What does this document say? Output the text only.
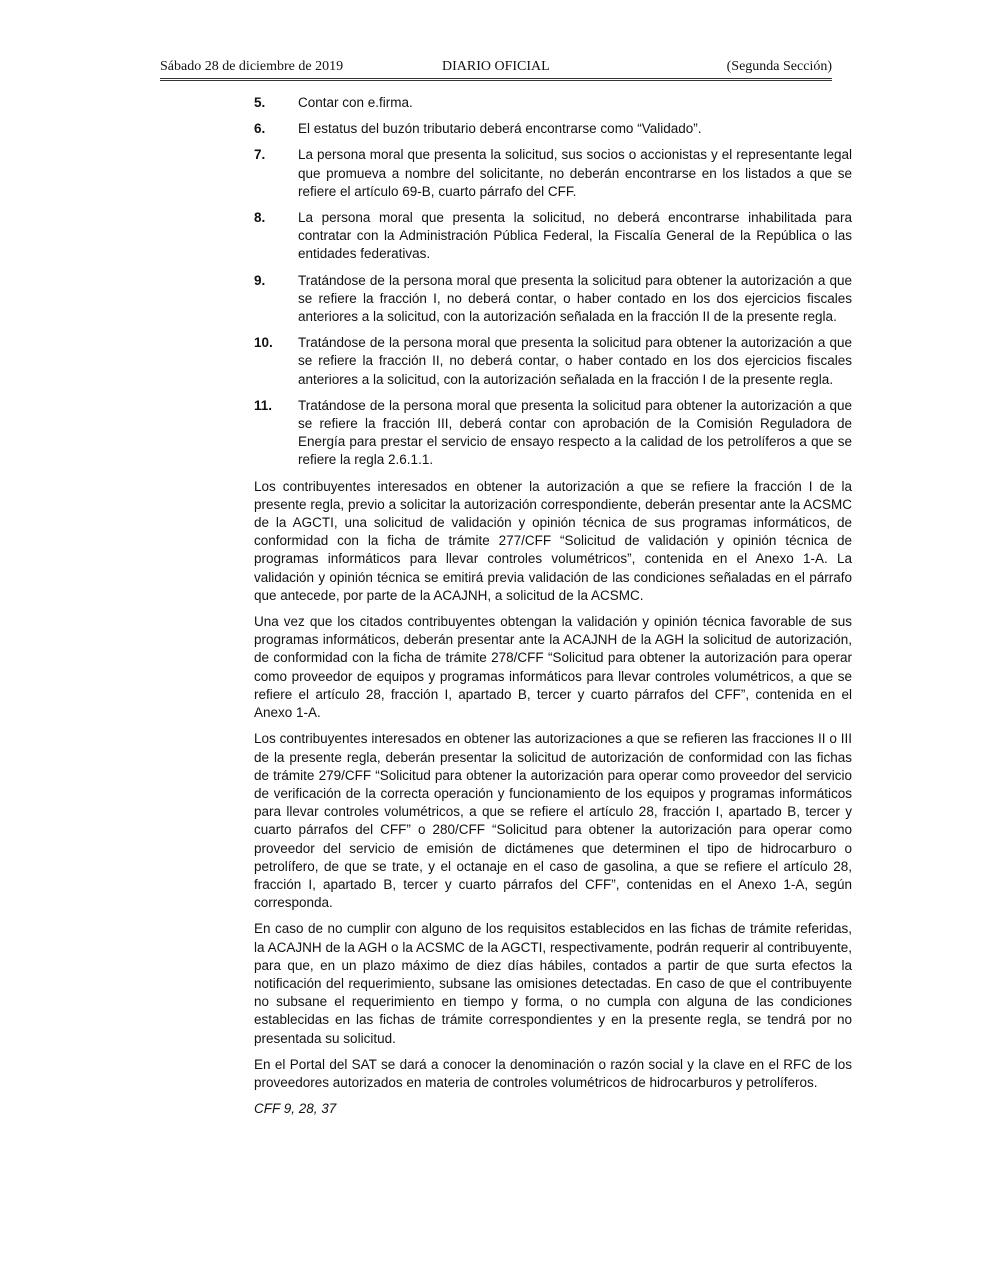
Sábado 28 de diciembre de 2019	DIARIO OFICIAL	(Segunda Sección)
5.	Contar con e.firma.
6.	El estatus del buzón tributario deberá encontrarse como “Validado”.
7.	La persona moral que presenta la solicitud, sus socios o accionistas y el representante legal que promueva a nombre del solicitante, no deberán encontrarse en los listados a que se refiere el artículo 69-B, cuarto párrafo del CFF.
8.	La persona moral que presenta la solicitud, no deberá encontrarse inhabilitada para contratar con la Administración Pública Federal, la Fiscalía General de la República o las entidades federativas.
9.	Tratándose de la persona moral que presenta la solicitud para obtener la autorización a que se refiere la fracción I, no deberá contar, o haber contado en los dos ejercicios fiscales anteriores a la solicitud, con la autorización señalada en la fracción II de la presente regla.
10.	Tratándose de la persona moral que presenta la solicitud para obtener la autorización a que se refiere la fracción II, no deberá contar, o haber contado en los dos ejercicios fiscales anteriores a la solicitud, con la autorización señalada en la fracción I de la presente regla.
11.	Tratándose de la persona moral que presenta la solicitud para obtener la autorización a que se refiere la fracción III, deberá contar con aprobación de la Comisión Reguladora de Energía para prestar el servicio de ensayo respecto a la calidad de los petrolíferos a que se refiere la regla 2.6.1.1.

Los contribuyentes interesados en obtener la autorización a que se refiere la fracción I de la presente regla, previo a solicitar la autorización correspondiente, deberán presentar ante la ACSMC de la AGCTI, una solicitud de validación y opinión técnica de sus programas informáticos, de conformidad con la ficha de trámite 277/CFF “Solicitud de validación y opinión técnica de programas informáticos para llevar controles volumétricos”, contenida en el Anexo 1-A. La validación y opinión técnica se emitirá previa validación de las condiciones señaladas en el párrafo que antecede, por parte de la ACAJNH, a solicitud de la ACSMC.

Una vez que los citados contribuyentes obtengan la validación y opinión técnica favorable de sus programas informáticos, deberán presentar ante la ACAJNH de la AGH la solicitud de autorización, de conformidad con la ficha de trámite 278/CFF “Solicitud para obtener la autorización para operar como proveedor de equipos y programas informáticos para llevar controles volumétricos, a que se refiere el artículo 28, fracción I, apartado B, tercer y cuarto párrafos del CFF”, contenida en el Anexo 1-A.

Los contribuyentes interesados en obtener las autorizaciones a que se refieren las fracciones II o III de la presente regla, deberán presentar la solicitud de autorización de conformidad con las fichas de trámite 279/CFF “Solicitud para obtener la autorización para operar como proveedor del servicio de verificación de la correcta operación y funcionamiento de los equipos y programas informáticos para llevar controles volumétricos, a que se refiere el artículo 28, fracción I, apartado B, tercer y cuarto párrafos del CFF” o 280/CFF “Solicitud para obtener la autorización para operar como proveedor del servicio de emisión de dictámenes que determinen el tipo de hidrocarburo o petrolífero, de que se trate, y el octanaje en el caso de gasolina, a que se refiere el artículo 28, fracción I, apartado B, tercer y cuarto párrafos del CFF”, contenidas en el Anexo 1-A, según corresponda.

En caso de no cumplir con alguno de los requisitos establecidos en las fichas de trámite referidas, la ACAJNH de la AGH o la ACSMC de la AGCTI, respectivamente, podrán requerir al contribuyente, para que, en un plazo máximo de diez días hábiles, contados a partir de que surta efectos la notificación del requerimiento, subsane las omisiones detectadas. En caso de que el contribuyente no subsane el requerimiento en tiempo y forma, o no cumpla con alguna de las condiciones establecidas en las fichas de trámite correspondientes y en la presente regla, se tendrá por no presentada su solicitud.

En el Portal del SAT se dará a conocer la denominación o razón social y la clave en el RFC de los proveedores autorizados en materia de controles volumétricos de hidrocarburos y petrolíferos.

CFF 9, 28, 37
